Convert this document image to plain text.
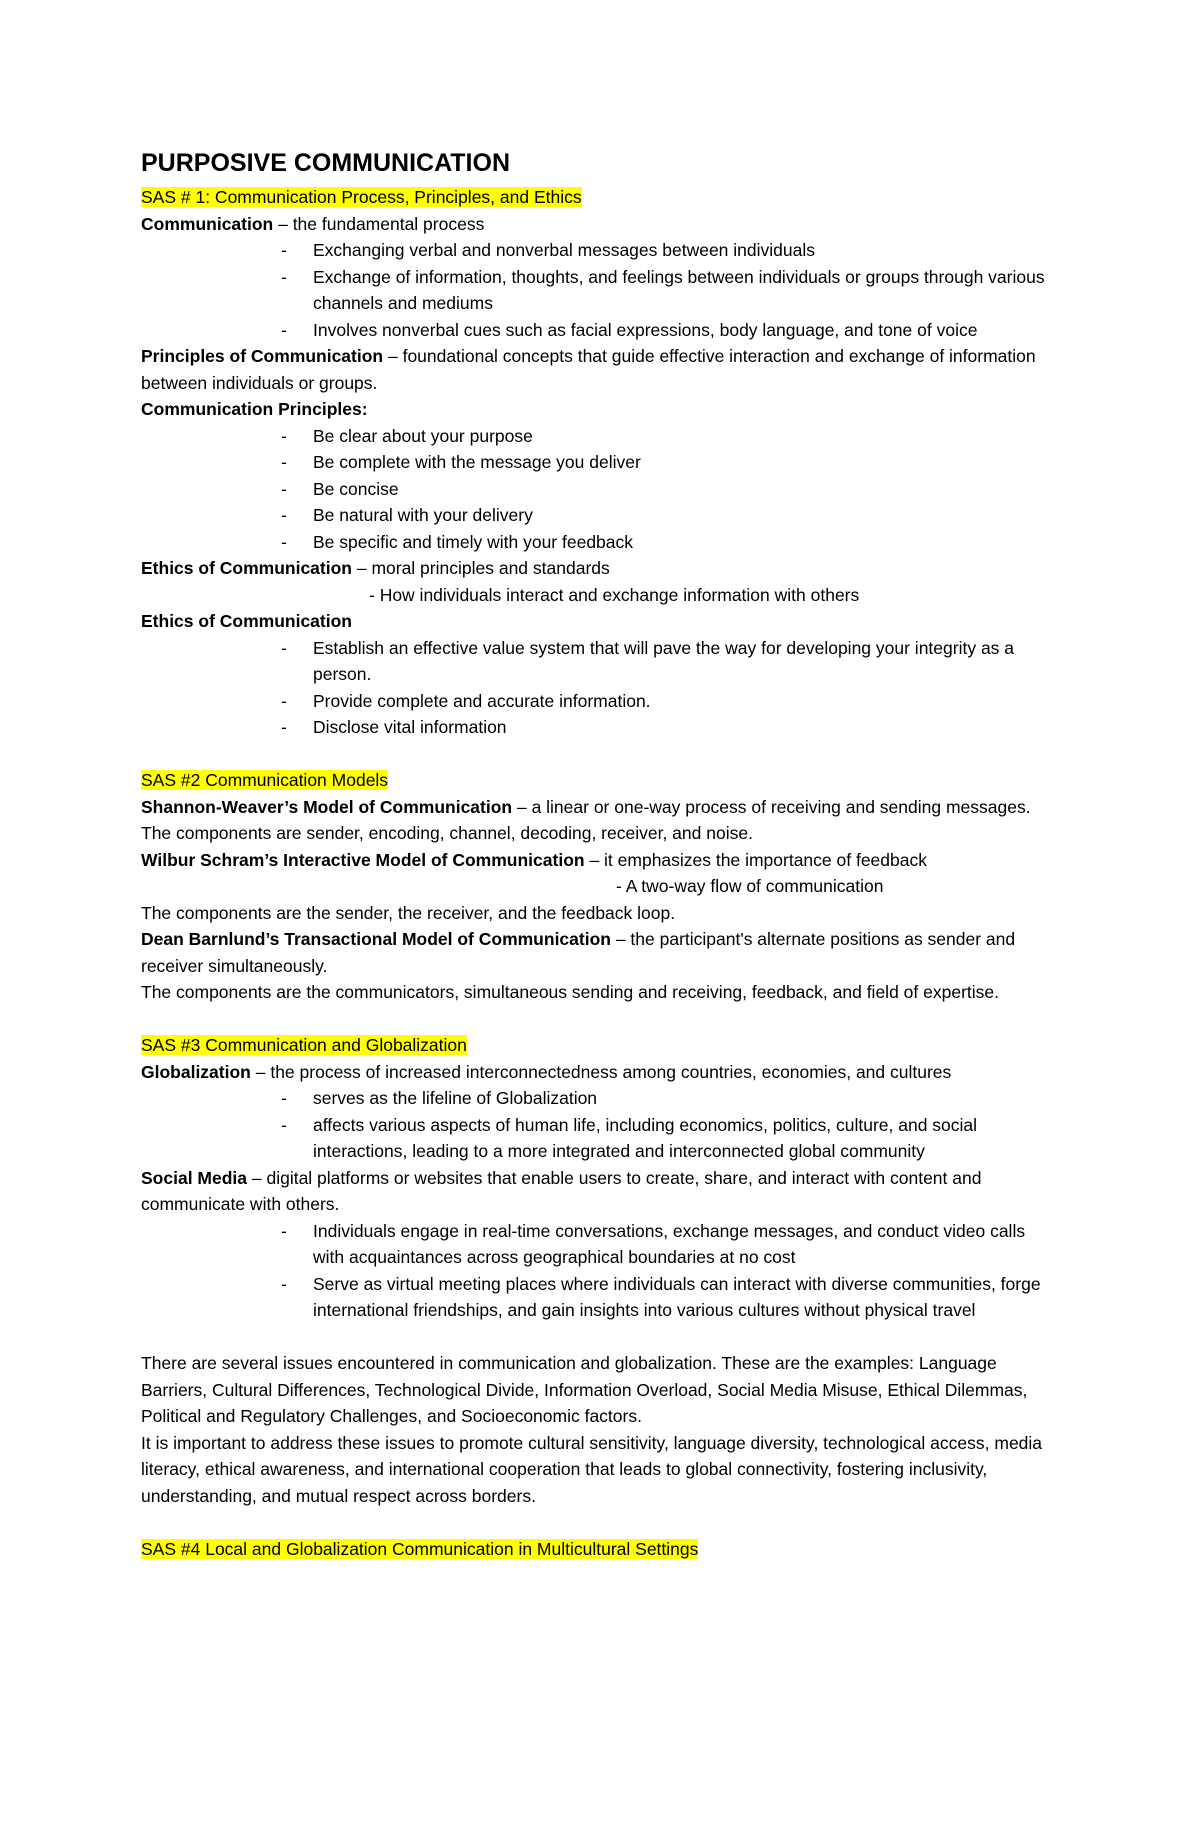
PURPOSIVE COMMUNICATION

SAS # 1: Communication Process, Principles, and Ethics

Communication – the fundamental process

- Exchanging verbal and nonverbal messages between individuals
- Exchange of information, thoughts, and feelings between individuals or groups through various channels and mediums
- Involves nonverbal cues such as facial expressions, body language, and tone of voice

Principles of Communication – foundational concepts that guide effective interaction and exchange of information between individuals or groups.

Communication Principles:

- Be clear about your purpose
- Be complete with the message you deliver
- Be concise
- Be natural with your delivery
- Be specific and timely with your feedback

Ethics of Communication – moral principles and standards

- How individuals interact and exchange information with others

Ethics of Communication

- Establish an effective value system that will pave the way for developing your integrity as a person.
- Provide complete and accurate information.
- Disclose vital information

SAS #2 Communication Models

Shannon-Weaver’s Model of Communication – a linear or one-way process of receiving and sending messages.

The components are sender, encoding, channel, decoding, receiver, and noise.

Wilbur Schram’s Interactive Model of Communication – it emphasizes the importance of feedback

- A two-way flow of communication

The components are the sender, the receiver, and the feedback loop.

Dean Barnlund’s Transactional Model of Communication – the participant's alternate positions as sender and receiver simultaneously.

The components are the communicators, simultaneous sending and receiving, feedback, and field of expertise.

SAS #3 Communication and Globalization

Globalization – the process of increased interconnectedness among countries, economies, and cultures

- serves as the lifeline of Globalization
- affects various aspects of human life, including economics, politics, culture, and social interactions, leading to a more integrated and interconnected global community

Social Media – digital platforms or websites that enable users to create, share, and interact with content and communicate with others.

- Individuals engage in real-time conversations, exchange messages, and conduct video calls with acquaintances across geographical boundaries at no cost
- Serve as virtual meeting places where individuals can interact with diverse communities, forge international friendships, and gain insights into various cultures without physical travel

There are several issues encountered in communication and globalization. These are the examples: Language Barriers, Cultural Differences, Technological Divide, Information Overload, Social Media Misuse, Ethical Dilemmas, Political and Regulatory Challenges, and Socioeconomic factors.

It is important to address these issues to promote cultural sensitivity, language diversity, technological access, media literacy, ethical awareness, and international cooperation that leads to global connectivity, fostering inclusivity, understanding, and mutual respect across borders.

SAS #4 Local and Globalization Communication in Multicultural Settings
